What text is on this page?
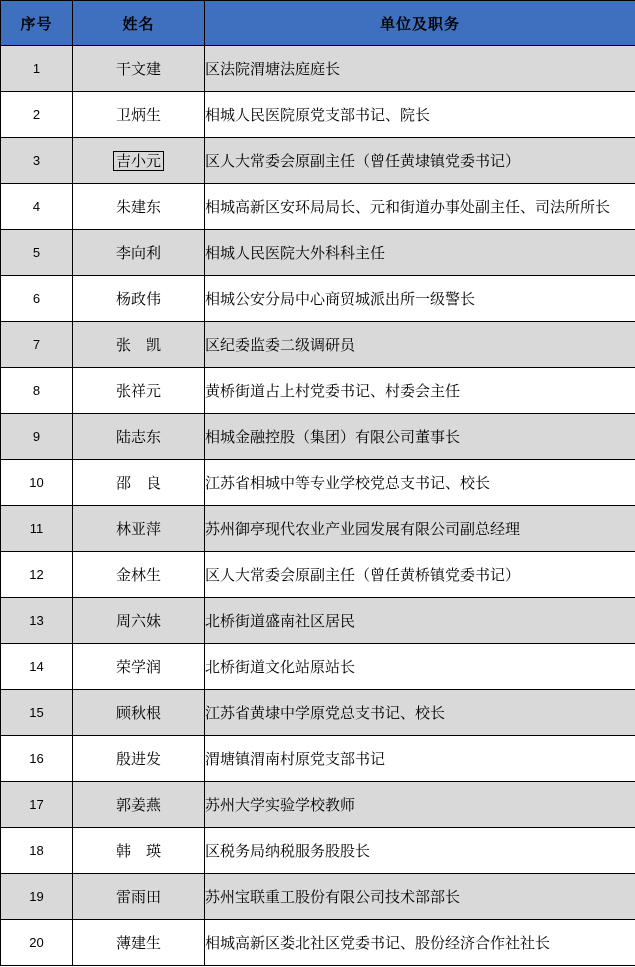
序号	姓名	单位及职务
1	干文建	区法院渭塘法庭庭长
2	卫炳生	相城人民医院原党支部书记、院长
3	吉小元	区人大常委会原副主任（曾任黄埭镇党委书记）
4	朱建东	相城高新区安环局局长、元和街道办事处副主任、司法所所长
5	李向利	相城人民医院大外科科主任
6	杨政伟	相城公安分局中心商贸城派出所一级警长
7	张　凯	区纪委监委二级调研员
8	张祥元	黄桥街道占上村党委书记、村委会主任
9	陆志东	相城金融控股（集团）有限公司董事长
10	邵　良	江苏省相城中等专业学校党总支书记、校长
11	林亚萍	苏州御亭现代农业产业园发展有限公司副总经理
12	金林生	区人大常委会原副主任（曾任黄桥镇党委书记）
13	周六妹	北桥街道盛南社区居民
14	荣学润	北桥街道文化站原站长
15	顾秋根	江苏省黄埭中学原党总支书记、校长
16	殷进发	渭塘镇渭南村原党支部书记
17	郭姜燕	苏州大学实验学校教师
18	韩　瑛	区税务局纳税服务股股长
19	雷雨田	苏州宝联重工股份有限公司技术部部长
20	薄建生	相城高新区娄北社区党委书记、股份经济合作社社长
